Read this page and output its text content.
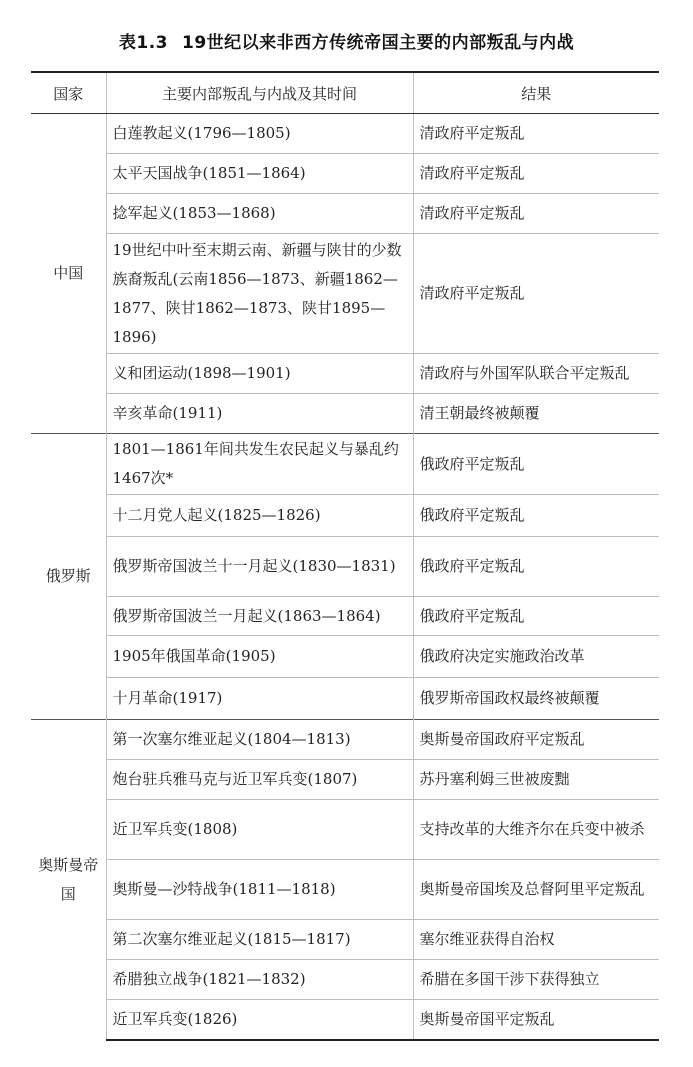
表1.3 19世纪以来非西方传统帝国主要的内部叛乱与内战
国家	主要内部叛乱与内战及其时间	结果
中国	白莲教起义(1796—1805)	清政府平定叛乱
	太平天国战争(1851—1864)	清政府平定叛乱
	捻军起义(1853—1868)	清政府平定叛乱
	19世纪中叶至末期云南、新疆与陕甘的少数族裔叛乱(云南1856—1873、新疆1862—1877、陕甘1862—1873、陕甘1895—1896)	清政府平定叛乱
	义和团运动(1898—1901)	清政府与外国军队联合平定叛乱
	辛亥革命(1911)	清王朝最终被颠覆
俄罗斯	1801—1861年间共发生农民起义与暴乱约1467次*	俄政府平定叛乱
	十二月党人起义(1825—1826)	俄政府平定叛乱
	俄罗斯帝国波兰十一月起义(1830—1831)	俄政府平定叛乱
	俄罗斯帝国波兰一月起义(1863—1864)	俄政府平定叛乱
	1905年俄国革命(1905)	俄政府决定实施政治改革
	十月革命(1917)	俄罗斯帝国政权最终被颠覆
奥斯曼帝国	第一次塞尔维亚起义(1804—1813)	奥斯曼帝国政府平定叛乱
	炮台驻兵雅马克与近卫军兵变(1807)	苏丹塞利姆三世被废黜
	近卫军兵变(1808)	支持改革的大维齐尔在兵变中被杀
	奥斯曼—沙特战争(1811—1818)	奥斯曼帝国埃及总督阿里平定叛乱
	第二次塞尔维亚起义(1815—1817)	塞尔维亚获得自治权
	希腊独立战争(1821—1832)	希腊在多国干涉下获得独立
	近卫军兵变(1826)	奥斯曼帝国平定叛乱
